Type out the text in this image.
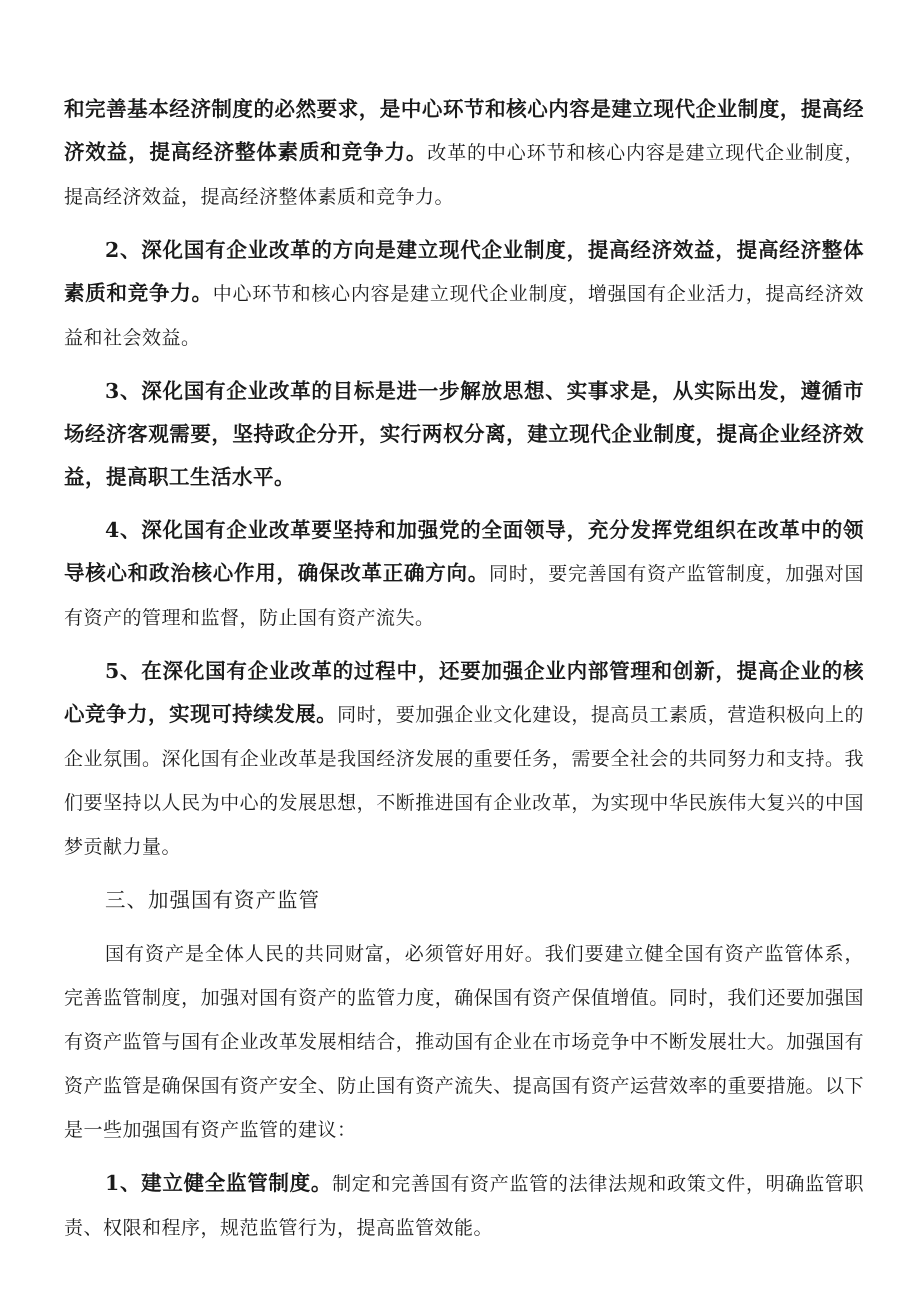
和完善基本经济制度的必然要求，是中心环节和核心内容是建立现代企业制度，提高经济效益，提高经济整体素质和竞争力。改革的中心环节和核心内容是建立现代企业制度，提高经济效益，提高经济整体素质和竞争力。

2、深化国有企业改革的方向是建立现代企业制度，提高经济效益，提高经济整体素质和竞争力。中心环节和核心内容是建立现代企业制度，增强国有企业活力，提高经济效益和社会效益。

3、深化国有企业改革的目标是进一步解放思想、实事求是，从实际出发，遵循市场经济客观需要，坚持政企分开，实行两权分离，建立现代企业制度，提高企业经济效益，提高职工生活水平。

4、深化国有企业改革要坚持和加强党的全面领导，充分发挥党组织在改革中的领导核心和政治核心作用，确保改革正确方向。同时，要完善国有资产监管制度，加强对国有资产的管理和监督，防止国有资产流失。

5、在深化国有企业改革的过程中，还要加强企业内部管理和创新，提高企业的核心竞争力，实现可持续发展。同时，要加强企业文化建设，提高员工素质，营造积极向上的企业氛围。深化国有企业改革是我国经济发展的重要任务，需要全社会的共同努力和支持。我们要坚持以人民为中心的发展思想，不断推进国有企业改革，为实现中华民族伟大复兴的中国梦贡献力量。

三、加强国有资产监管

国有资产是全体人民的共同财富，必须管好用好。我们要建立健全国有资产监管体系，完善监管制度，加强对国有资产的监管力度，确保国有资产保值增值。同时，我们还要加强国有资产监管与国有企业改革发展相结合，推动国有企业在市场竞争中不断发展壮大。加强国有资产监管是确保国有资产安全、防止国有资产流失、提高国有资产运营效率的重要措施。以下是一些加强国有资产监管的建议：

1、建立健全监管制度。制定和完善国有资产监管的法律法规和政策文件，明确监管职责、权限和程序，规范监管行为，提高监管效能。
